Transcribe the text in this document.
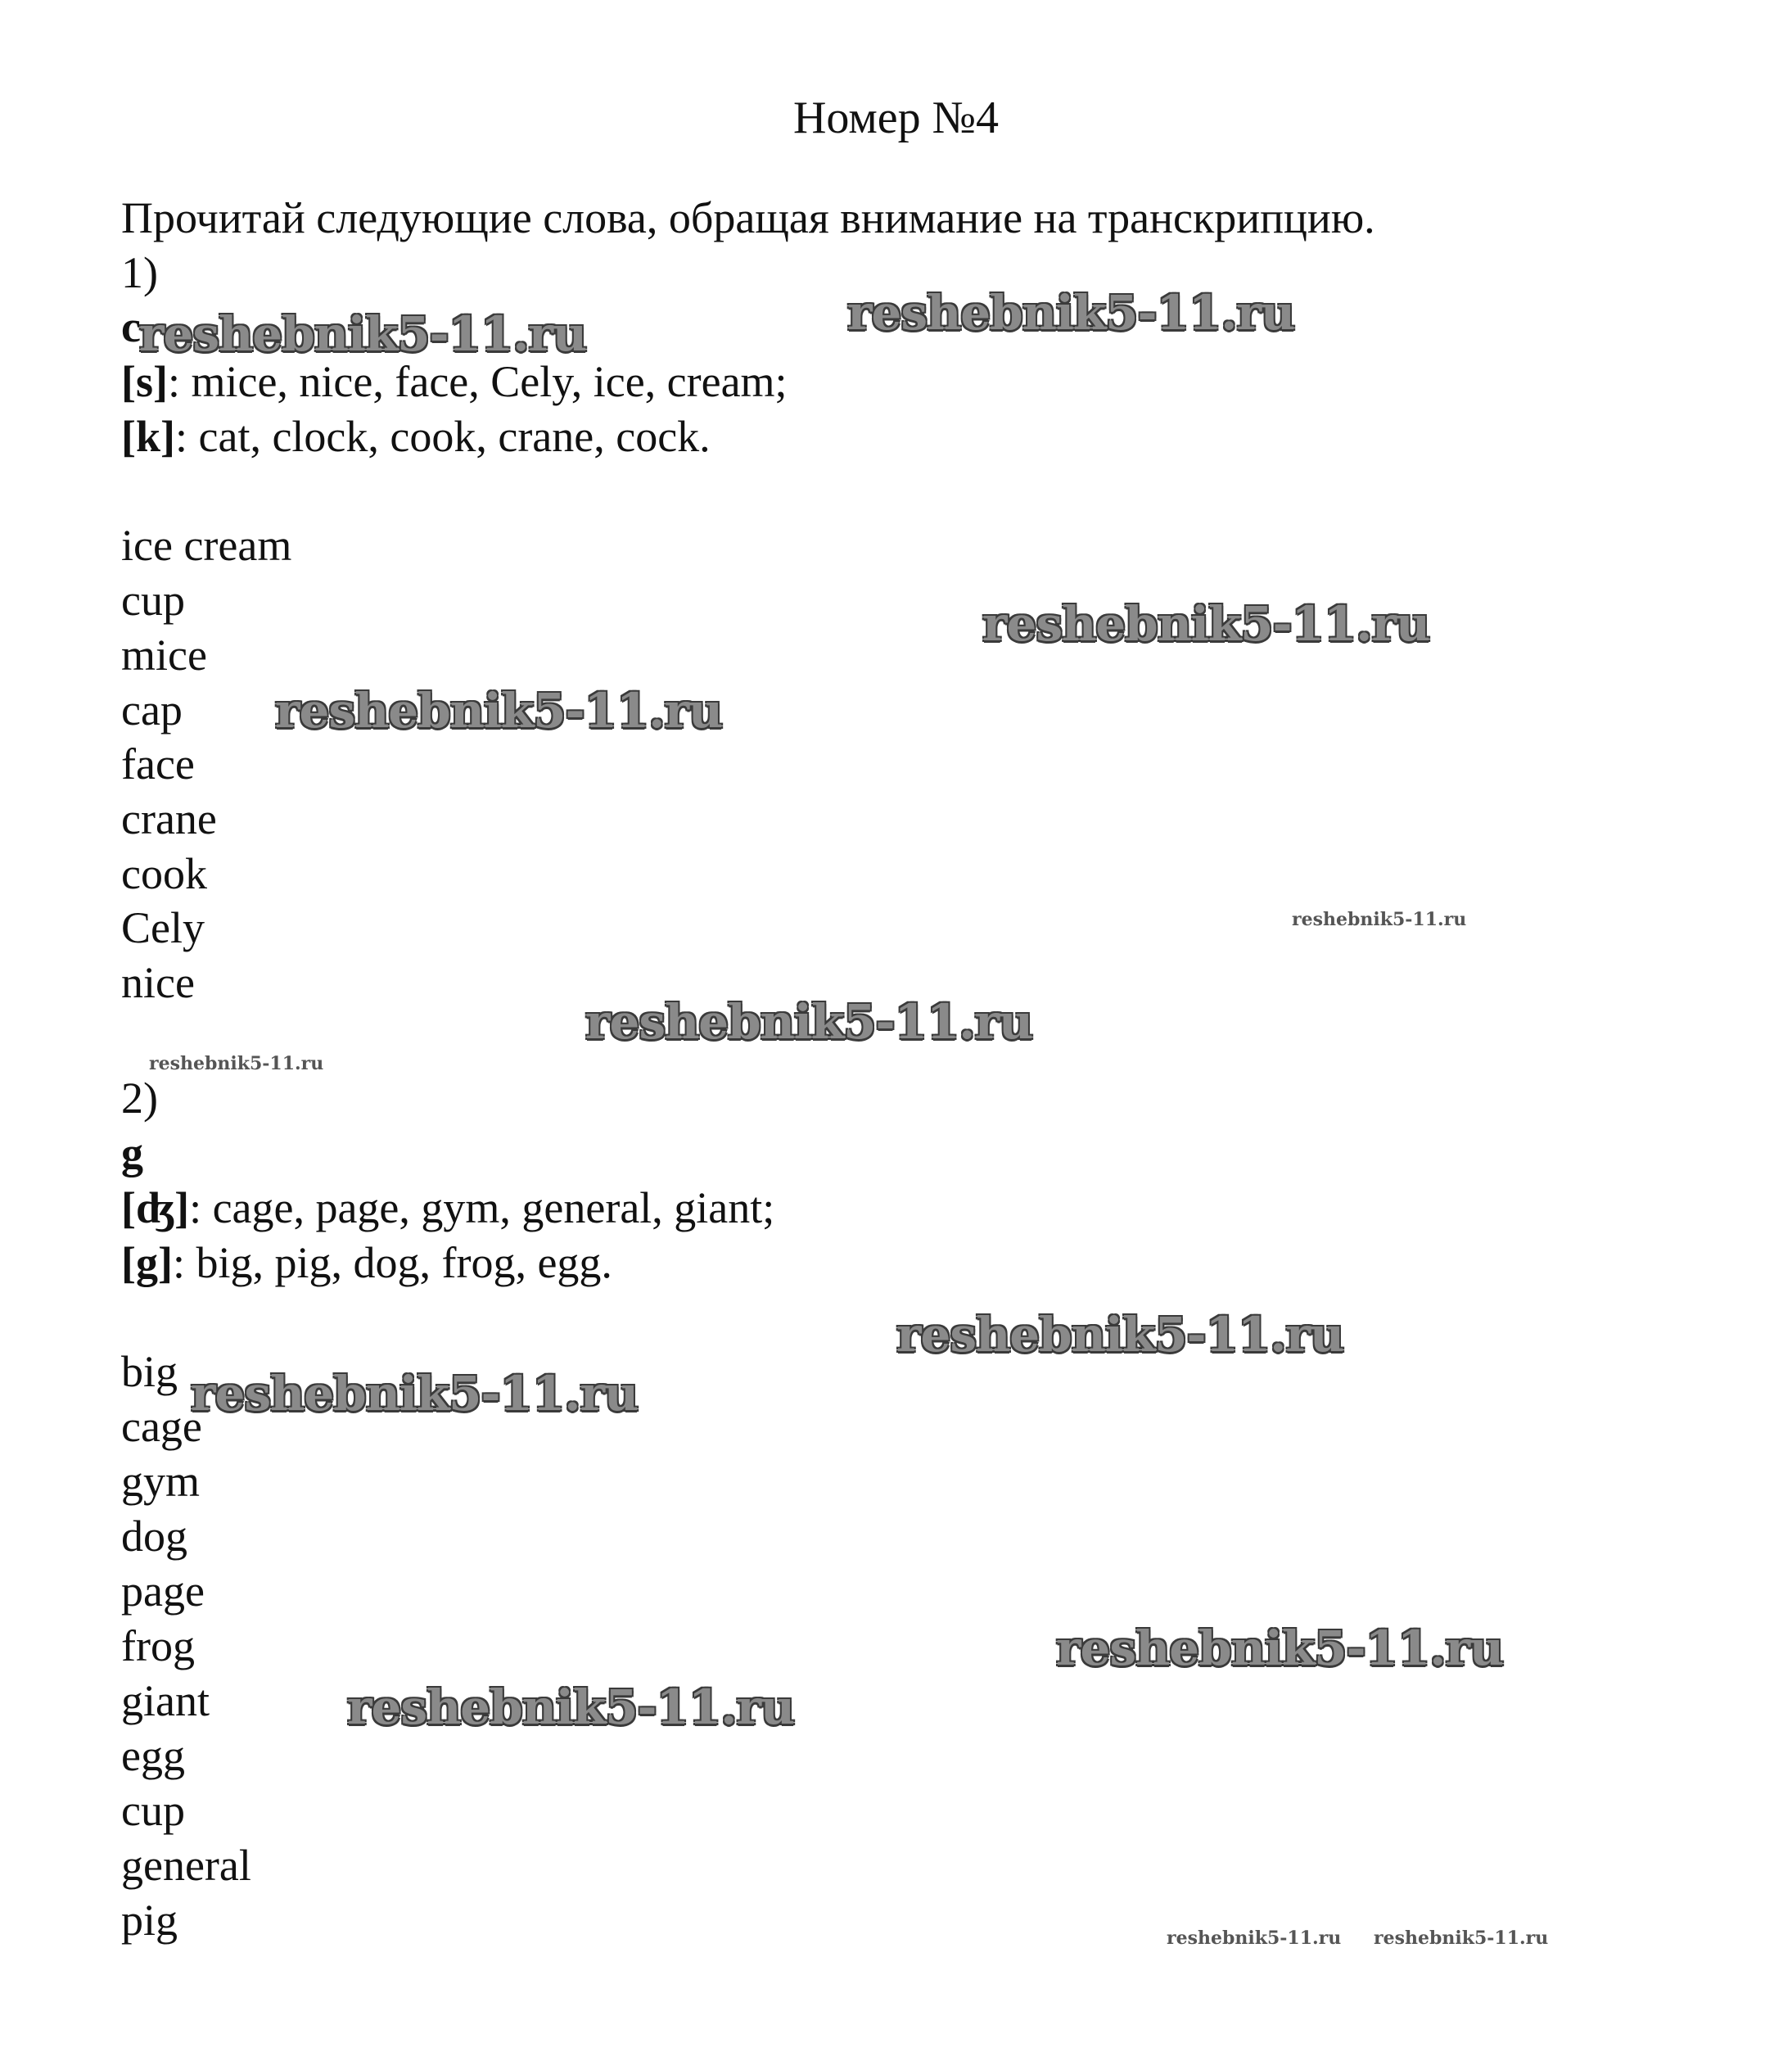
Номер №4
Прочитай следующие слова, обращая внимание на транскрипцию.
1)
c
[s]: mice, nice, face, Cely, ice, cream;
[k]: cat, clock, cook, crane, cock.
ice cream
cup
mice
cap
face
crane
cook
Cely
nice
2)
g
[ʤ]: cage, page, gym, general, giant;
[g]: big, pig, dog, frog, egg.
big
cage
gym
dog
page
frog
giant
egg
cup
general
pig
reshebnik5-11.ru
reshebnik5-11.ru
reshebnik5-11.ru
reshebnik5-11.ru
reshebnik5-11.ru
reshebnik5-11.ru
reshebnik5-11.ru
reshebnik5-11.ru
reshebnik5-11.ru
reshebnik5-11.ru
reshebnik5-11.ru
reshebnik5-11.ru reshebnik5-11.ru
